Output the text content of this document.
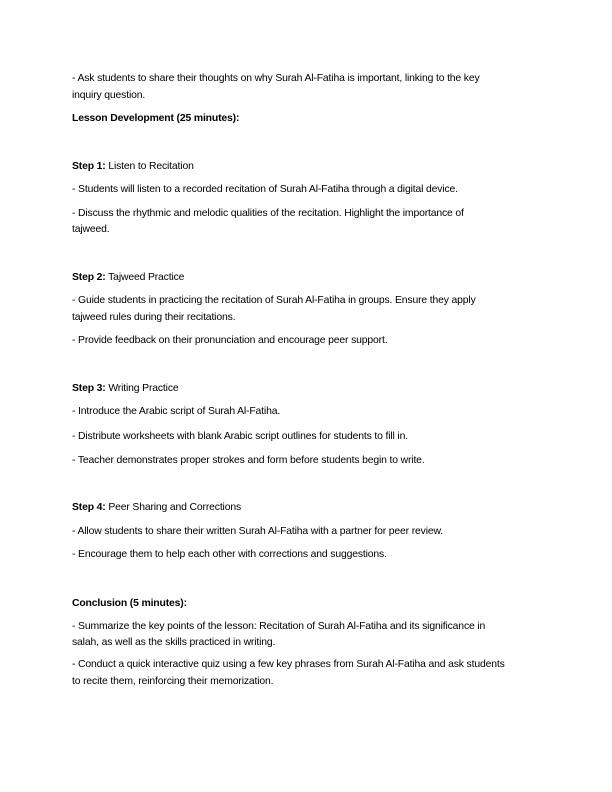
- Ask students to share their thoughts on why Surah Al-Fatiha is important, linking to the key

inquiry question.

Lesson Development (25 minutes):

Step 1: Listen to Recitation

- Students will listen to a recorded recitation of Surah Al-Fatiha through a digital device.

- Discuss the rhythmic and melodic qualities of the recitation. Highlight the importance of

tajweed.

Step 2: Tajweed Practice

- Guide students in practicing the recitation of Surah Al-Fatiha in groups. Ensure they apply

tajweed rules during their recitations.

- Provide feedback on their pronunciation and encourage peer support.

Step 3: Writing Practice

- Introduce the Arabic script of Surah Al-Fatiha.

- Distribute worksheets with blank Arabic script outlines for students to fill in.

- Teacher demonstrates proper strokes and form before students begin to write.

Step 4: Peer Sharing and Corrections

- Allow students to share their written Surah Al-Fatiha with a partner for peer review.

- Encourage them to help each other with corrections and suggestions.

Conclusion (5 minutes):

- Summarize the key points of the lesson: Recitation of Surah Al-Fatiha and its significance in

salah, as well as the skills practiced in writing.

- Conduct a quick interactive quiz using a few key phrases from Surah Al-Fatiha and ask students

to recite them, reinforcing their memorization.
